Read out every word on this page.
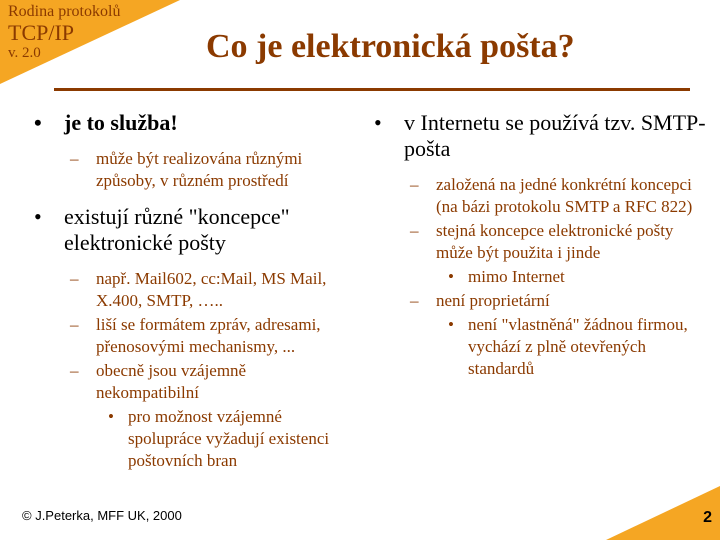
Rodina protokolů
TCP/IP
v. 2.0	Co je elektronická pošta?
• je to služba!
– může být realizována různými způsoby, v různém prostředí
• existují různé "koncepce" elektronické pošty
– např. Mail602, cc:Mail, MS Mail, X.400, SMTP, …..
– liší se formátem zpráv, adresami, přenosovými mechanismy, ...
– obecně jsou vzájemně nekompatibilní
• pro možnost vzájemné spolupráce vyžadují existenci poštovních bran
• v Internetu se používá tzv. SMTP-pošta
– založená na jedné konkrétní koncepci (na bázi protokolu SMTP a RFC 822)
– stejná koncepce elektronické pošty může být použita i jinde
• mimo Internet
– není proprietární
• není "vlastněná" žádnou firmou, vychází z plně otevřených standardů
© J.Peterka, MFF UK, 2000	2
